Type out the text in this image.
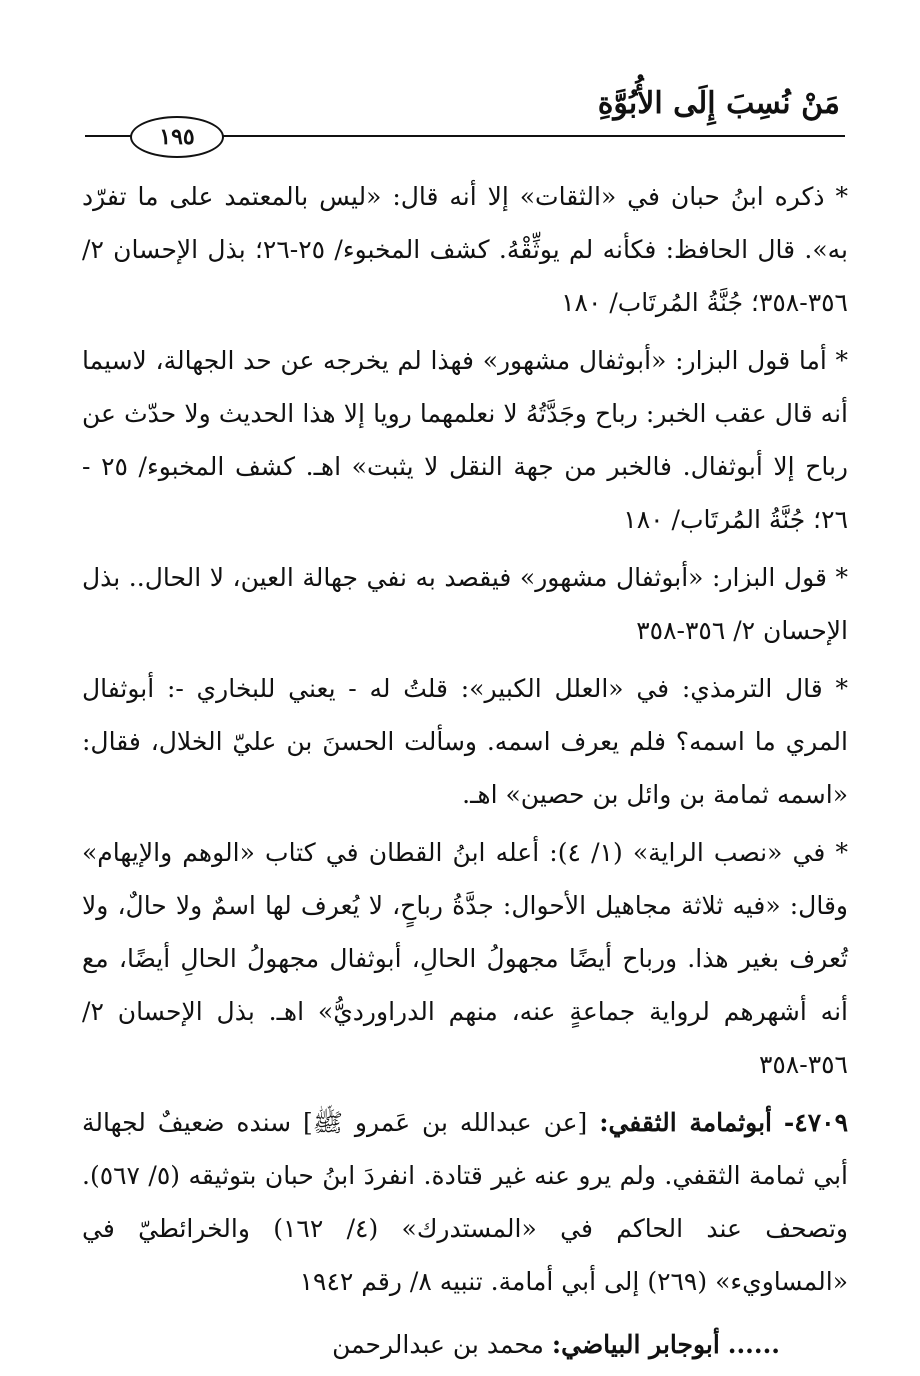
مَنْ نُسِبَ إِلَى الأُبُوَّةِ
١٩٥

* ذكره ابنُ حبان في «الثقات» إلا أنه قال: «ليس بالمعتمد على ما تفرّد به». قال الحافظ: فكأنه لم يوثِّقْهُ. كشف المخبوء/ ٢٥-٢٦؛ بذل الإحسان ٢/ ٣٥٦-٣٥٨؛ جُنَّةُ المُرتَاب/ ١٨٠

* أما قول البزار: «أبوثفال مشهور» فهذا لم يخرجه عن حد الجهالة، لاسيما أنه قال عقب الخبر: رباح وجَدَّتُهُ لا نعلمهما رويا إلا هذا الحديث ولا حدّث عن رباح إلا أبوثفال. فالخبر من جهة النقل لا يثبت» اهـ. كشف المخبوء/ ٢٥ - ٢٦؛ جُنَّةُ المُرتَاب/ ١٨٠

* قول البزار: «أبوثفال مشهور» فيقصد به نفي جهالة العين، لا الحال.. بذل الإحسان ٢/ ٣٥٦-٣٥٨

* قال الترمذي: في «العلل الكبير»: قلتُ له - يعني للبخاري -: أبوثفال المري ما اسمه؟ فلم يعرف اسمه. وسألت الحسنَ بن عليّ الخلال، فقال: «اسمه ثمامة بن وائل بن حصين» اهـ.

* في «نصب الراية» (١/ ٤): أعله ابنُ القطان في كتاب «الوهم والإيهام» وقال: «فيه ثلاثة مجاهيل الأحوال: جدَّةُ رباحٍ، لا يُعرف لها اسمٌ ولا حالٌ، ولا تُعرف بغير هذا. ورباح أيضًا مجهولُ الحالِ، أبوثفال مجهولُ الحالِ أيضًا، مع أنه أشهرهم لرواية جماعةٍ عنه، منهم الدراورديُّ» اهـ. بذل الإحسان ٢/ ٣٥٦-٣٥٨

٤٧٠٩- أبوثمامة الثقفي: [عن عبدالله بن عَمرو ﷺ] سنده ضعيفٌ لجهالة أبي ثمامة الثقفي. ولم يرو عنه غير قتادة. انفردَ ابنُ حبان بتوثيقه (٥/ ٥٦٧). وتصحف عند الحاكم في «المستدرك» (٤/ ١٦٢) والخرائطيّ في «المساويء» (٢٦٩) إلى أبي أمامة. تنبيه ٨/ رقم ١٩٤٢

...... أبوجابر البياضي: محمد بن عبدالرحمن
